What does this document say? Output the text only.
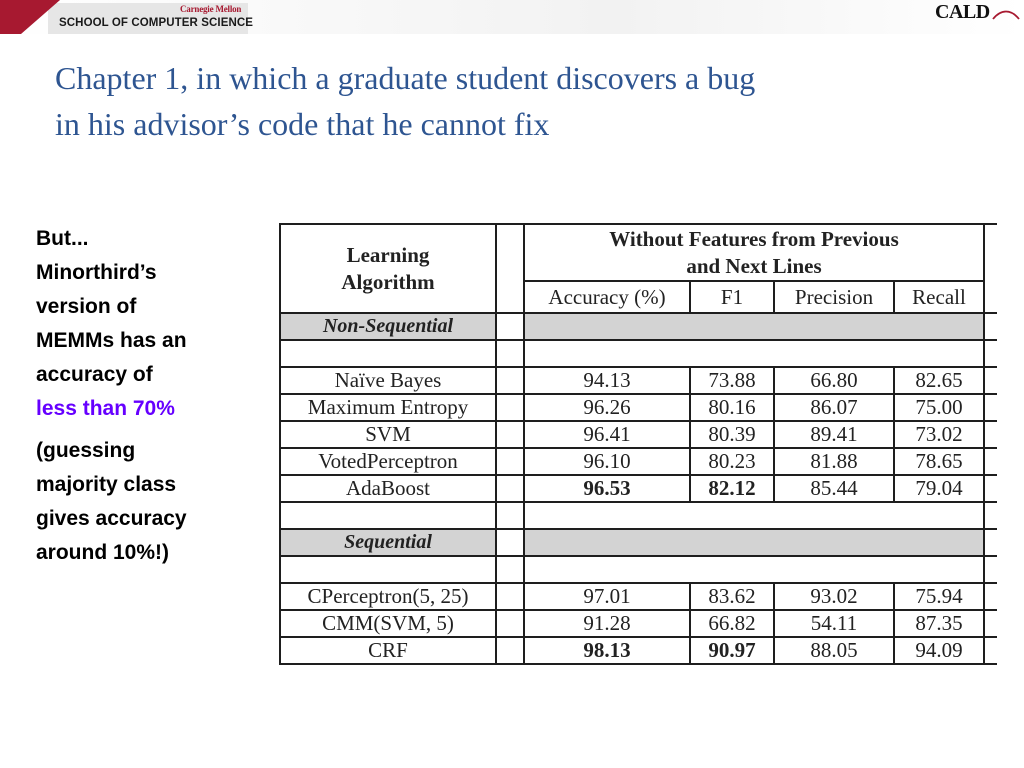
Carnegie Mellon
SCHOOL OF COMPUTER SCIENCE	CALD
Chapter 1, in which a graduate student discovers a bug
in his advisor’s code that he cannot fix

But...
Minorthird’s
version of
MEMMs has an
accuracy of
less than 70%

(guessing
majority class
gives accuracy
around 10%!)

Learning
Algorithm		Without Features from Previous
and Next Lines				
		Accuracy (%)	F1	Precision	Recall	
Non-Sequential						

Naïve Bayes		94.13	73.88	66.80	82.65	
Maximum Entropy		96.26	80.16	86.07	75.00	
SVM		96.41	80.39	89.41	73.02	
VotedPerceptron		96.10	80.23	81.88	78.65	
AdaBoost		96.53	82.12	85.44	79.04	

Sequential						

CPerceptron(5, 25)		97.01	83.62	93.02	75.94	
CMM(SVM, 5)		91.28	66.82	54.11	87.35	
CRF		98.13	90.97	88.05	94.09	
